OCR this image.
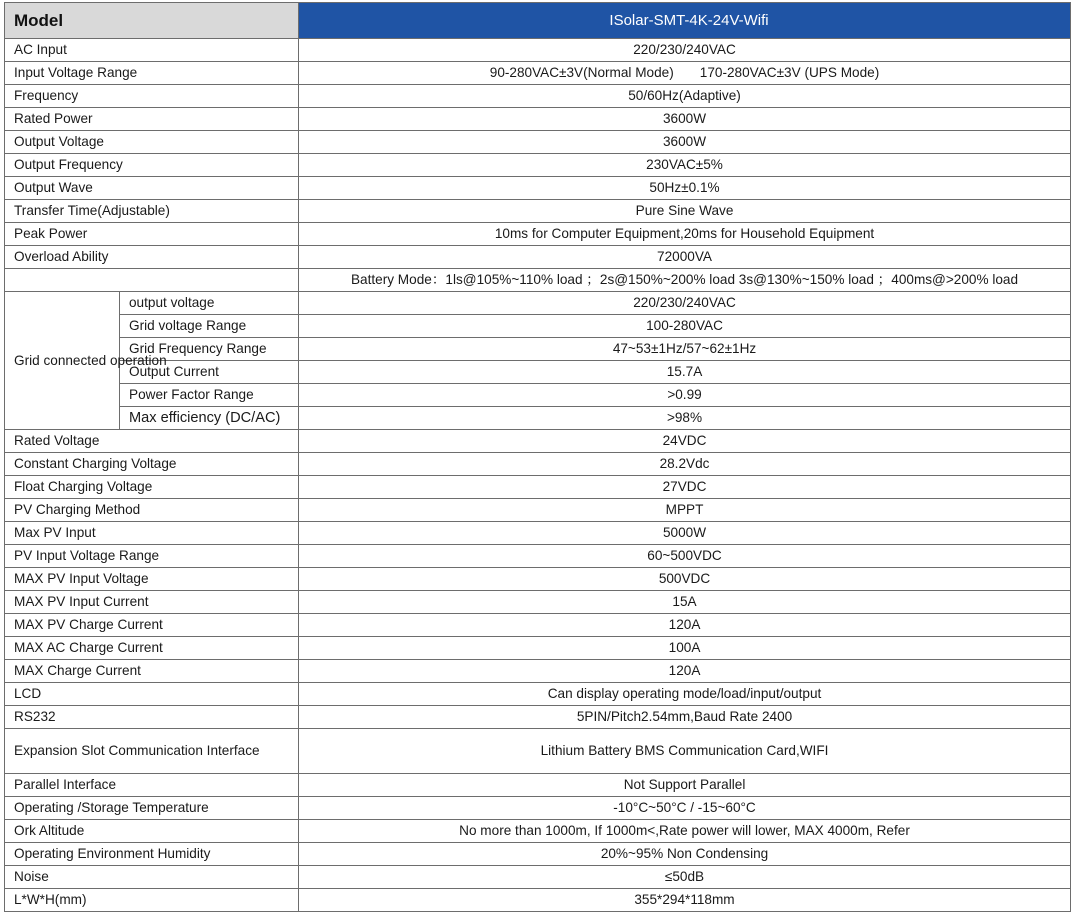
Model		ISolar-SMT-4K-24V-Wifi
AC Input		220/230/240VAC
Input Voltage Range		90-280VAC±3V(Normal Mode) 170-280VAC±3V (UPS Mode)
Frequency		50/60Hz(Adaptive)
Rated Power		3600W
Output Voltage		3600W
Output Frequency		230VAC±5%
Output Wave		50Hz±0.1%
Transfer Time(Adjustable)		Pure Sine Wave
Peak Power		10ms for Computer Equipment,20ms for Household Equipment
Overload Ability		72000VA
		Battery Mode：1ls@105%~110% load ；2s@150%~200% load 3s@130%~150% load ；400ms@>200% load
Grid connected operation	output voltage	220/230/240VAC
	Grid voltage Range	100-280VAC
	Grid Frequency Range	47~53±1Hz/57~62±1Hz
	Output Current	15.7A
	Power Factor Range	>0.99
	Max efficiency (DC/AC)	>98%
Rated Voltage		24VDC
Constant Charging Voltage		28.2Vdc
Float Charging Voltage		27VDC
PV Charging Method		MPPT
Max PV Input		5000W
PV Input Voltage Range		60~500VDC
MAX PV Input Voltage		500VDC
MAX PV Input Current		15A
MAX PV Charge Current		120A
MAX AC Charge Current		100A
MAX Charge Current		120A
LCD		Can display operating mode/load/input/output
RS232		5PIN/Pitch2.54mm,Baud Rate 2400
Expansion Slot Communication Interface		Lithium Battery BMS Communication Card,WIFI
Parallel Interface		Not Support Parallel
Operating /Storage Temperature		-10°C~50°C / -15~60°C
Ork Altitude		No more than 1000m, If 1000m<,Rate power will lower, MAX 4000m, Refer
Operating Environment Humidity		20%~95% Non Condensing
Noise		≤50dB
L*W*H(mm)		355*294*118mm
